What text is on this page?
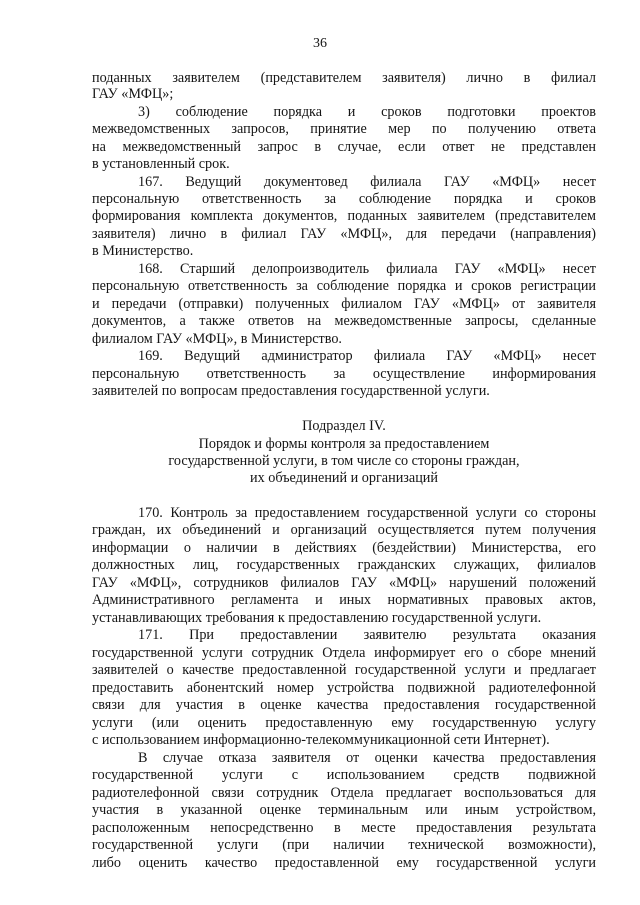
36
поданных заявителем (представителем заявителя) лично в филиал
ГАУ «МФЦ»;
3) соблюдение порядка и сроков подготовки проектов
межведомственных запросов, принятие мер по получению ответа
на межведомственный запрос в случае, если ответ не представлен
в установленный срок.
167. Ведущий документовед филиала ГАУ «МФЦ» несет
персональную ответственность за соблюдение порядка и сроков
формирования комплекта документов, поданных заявителем (представителем
заявителя) лично в филиал ГАУ «МФЦ», для передачи (направления)
в Министерство.
168. Старший делопроизводитель филиала ГАУ «МФЦ» несет
персональную ответственность за соблюдение порядка и сроков регистрации
и передачи (отправки) полученных филиалом ГАУ «МФЦ» от заявителя
документов, а также ответов на межведомственные запросы, сделанные
филиалом ГАУ «МФЦ», в Министерство.
169. Ведущий администратор филиала ГАУ «МФЦ» несет
персональную ответственность за осуществление информирования
заявителей по вопросам предоставления государственной услуги.
Подраздел IV.
Порядок и формы контроля за предоставлением
государственной услуги, в том числе со стороны граждан,
их объединений и организаций
170. Контроль за предоставлением государственной услуги со стороны
граждан, их объединений и организаций осуществляется путем получения
информации о наличии в действиях (бездействии) Министерства, его
должностных лиц, государственных гражданских служащих, филиалов
ГАУ «МФЦ», сотрудников филиалов ГАУ «МФЦ» нарушений положений
Административного регламента и иных нормативных правовых актов,
устанавливающих требования к предоставлению государственной услуги.
171. При предоставлении заявителю результата оказания
государственной услуги сотрудник Отдела информирует его о сборе мнений
заявителей о качестве предоставленной государственной услуги и предлагает
предоставить абонентский номер устройства подвижной радиотелефонной
связи для участия в оценке качества предоставления государственной
услуги (или оценить предоставленную ему государственную услугу
с использованием информационно-телекоммуникационной сети Интернет).
В случае отказа заявителя от оценки качества предоставления
государственной услуги с использованием средств подвижной
радиотелефонной связи сотрудник Отдела предлагает воспользоваться для
участия в указанной оценке терминальным или иным устройством,
расположенным непосредственно в месте предоставления результата
государственной услуги (при наличии технической возможности),
либо оценить качество предоставленной ему государственной услуги
